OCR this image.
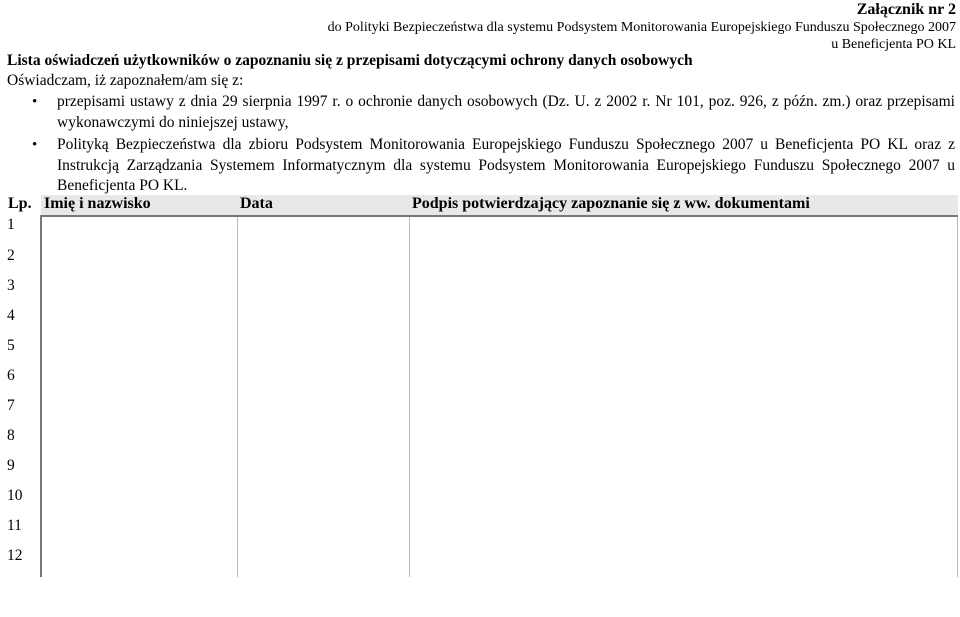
Załącznik nr 2
do Polityki Bezpieczeństwa dla systemu Podsystem Monitorowania Europejskiego Funduszu Społecznego 2007
u Beneficjenta PO KL
Lista oświadczeń użytkowników o zapoznaniu się z przepisami dotyczącymi ochrony danych osobowych
Oświadczam, iż zapoznałem/am się z:
• przepisami ustawy z dnia 29 sierpnia 1997 r. o ochronie danych osobowych (Dz. U. z 2002 r. Nr 101, poz. 926, z późn. zm.) oraz przepisami wykonawczymi do niniejszej ustawy,
• Polityką Bezpieczeństwa dla zbioru Podsystem Monitorowania Europejskiego Funduszu Społecznego 2007 u Beneficjenta PO KL oraz z Instrukcją Zarządzania Systemem Informatycznym dla systemu Podsystem Monitorowania Europejskiego Funduszu Społecznego 2007 u Beneficjenta PO KL.
Lp.	Imię i nazwisko	Data	Podpis potwierdzający zapoznanie się z ww. dokumentami
1			
2			
3			
4			
5			
6			
7			
8			
9			
10			
11			
12			
